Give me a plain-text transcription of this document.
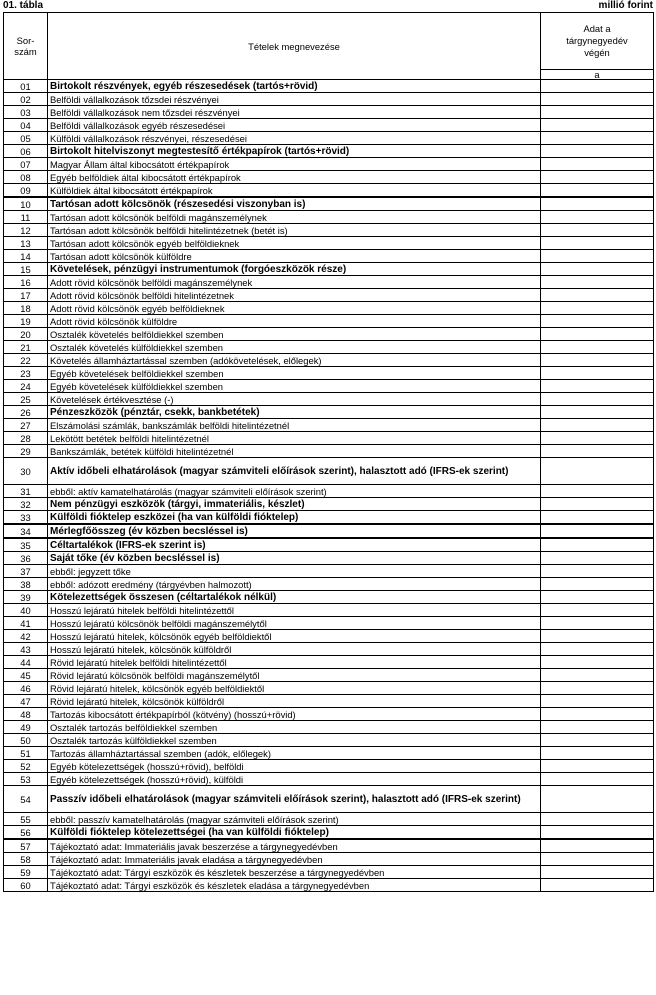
01. tábla	millió forint
Sor-
szám	Tételek megnevezése	Adat a
tárgynegyedév
végén
		a
01	Birtokolt részvények, egyéb részesedések (tartós+rövid)	
02	Belföldi vállalkozások tőzsdei részvényei	
03	Belföldi vállalkozások nem tőzsdei részvényei	
04	Belföldi vállalkozások egyéb részesedései	
05	Külföldi vállalkozások részvényei, részesedései	
06	Birtokolt hitelviszonyt megtestesítő értékpapírok (tartós+rövid)	
07	Magyar Állam által kibocsátott értékpapírok	
08	Egyéb belföldiek által kibocsátott értékpapírok	
09	Külföldiek által kibocsátott értékpapírok	
10	Tartósan adott kölcsönök (részesedési viszonyban is)	
11	Tartósan adott kölcsönök belföldi magánszemélynek	
12	Tartósan adott kölcsönök belföldi hitelintézetnek (betét is)	
13	Tartósan adott kölcsönök egyéb belföldieknek	
14	Tartósan adott kölcsönök külföldre	
15	Követelések, pénzügyi instrumentumok (forgóeszközök része)	
16	Adott rövid kölcsönök belföldi magánszemélynek	
17	Adott rövid kölcsönök belföldi hitelintézetnek	
18	Adott rövid kölcsönök egyéb belföldieknek	
19	Adott rövid kölcsönök külföldre	
20	Osztalék követelés belföldiekkel szemben	
21	Osztalék követelés külföldiekkel szemben	
22	Követelés államháztartással szemben (adókövetelések, előlegek)	
23	Egyéb követelések belföldiekkel szemben	
24	Egyéb követelések külföldiekkel szemben	
25	Követelések értékvesztése (-)	
26	Pénzeszközök (pénztár, csekk, bankbetétek)	
27	Elszámolási számlák, bankszámlák belföldi hitelintézetnél	
28	Lekötött betétek belföldi hitelintézetnél	
29	Bankszámlák, betétek külföldi hitelintézetnél	
30	Aktív időbeli elhatárolások (magyar számviteli előírások szerint), halasztott adó (IFRS-ek szerint)	
31	ebből: aktív kamatelhatárolás (magyar számviteli előírások szerint)	
32	Nem pénzügyi eszközök (tárgyi, immateriális, készlet)	
33	Külföldi fióktelep eszközei (ha van külföldi fióktelep)	
34	Mérlegfőösszeg (év közben becsléssel is)	
35	Céltartalékok (IFRS-ek szerint is)	
36	Saját tőke (év közben becsléssel is)	
37	ebből: jegyzett tőke	
38	ebből: adózott eredmény (tárgyévben halmozott)	
39	Kötelezettségek összesen (céltartalékok nélkül)	
40	Hosszú lejáratú hitelek belföldi hitelintézettől	
41	Hosszú lejáratú kölcsönök belföldi magánszemélytől	
42	Hosszú lejáratú hitelek, kölcsönök egyéb belföldiektől	
43	Hosszú lejáratú hitelek, kölcsönök külföldről	
44	Rövid lejáratú hitelek belföldi hitelintézettől	
45	Rövid lejáratú kölcsönök belföldi magánszemélytől	
46	Rövid lejáratú hitelek, kölcsönök egyéb belföldiektől	
47	Rövid lejáratú hitelek, kölcsönök külföldről	
48	Tartozás kibocsátott értékpapírból (kötvény) (hosszú+rövid)	
49	Osztalék tartozás belföldiekkel szemben	
50	Osztalék tartozás külföldiekkel szemben	
51	Tartozás államháztartással szemben (adók, előlegek)	
52	Egyéb kötelezettségek (hosszú+rövid), belföldi	
53	Egyéb kötelezettségek (hosszú+rövid), külföldi	
54	Passzív időbeli elhatárolások (magyar számviteli előírások szerint), halasztott adó (IFRS-ek szerint)	
55	ebből: passzív kamatelhatárolás (magyar számviteli előírások szerint)	
56	Külföldi fióktelep kötelezettségei (ha van külföldi fióktelep)	
57	Tájékoztató adat: Immateriális javak beszerzése a tárgynegyedévben	
58	Tájékoztató adat: Immateriális javak eladása a tárgynegyedévben	
59	Tájékoztató adat: Tárgyi eszközök és készletek beszerzése a tárgynegyedévben	
60	Tájékoztató adat: Tárgyi eszközök és készletek eladása a tárgynegyedévben	
